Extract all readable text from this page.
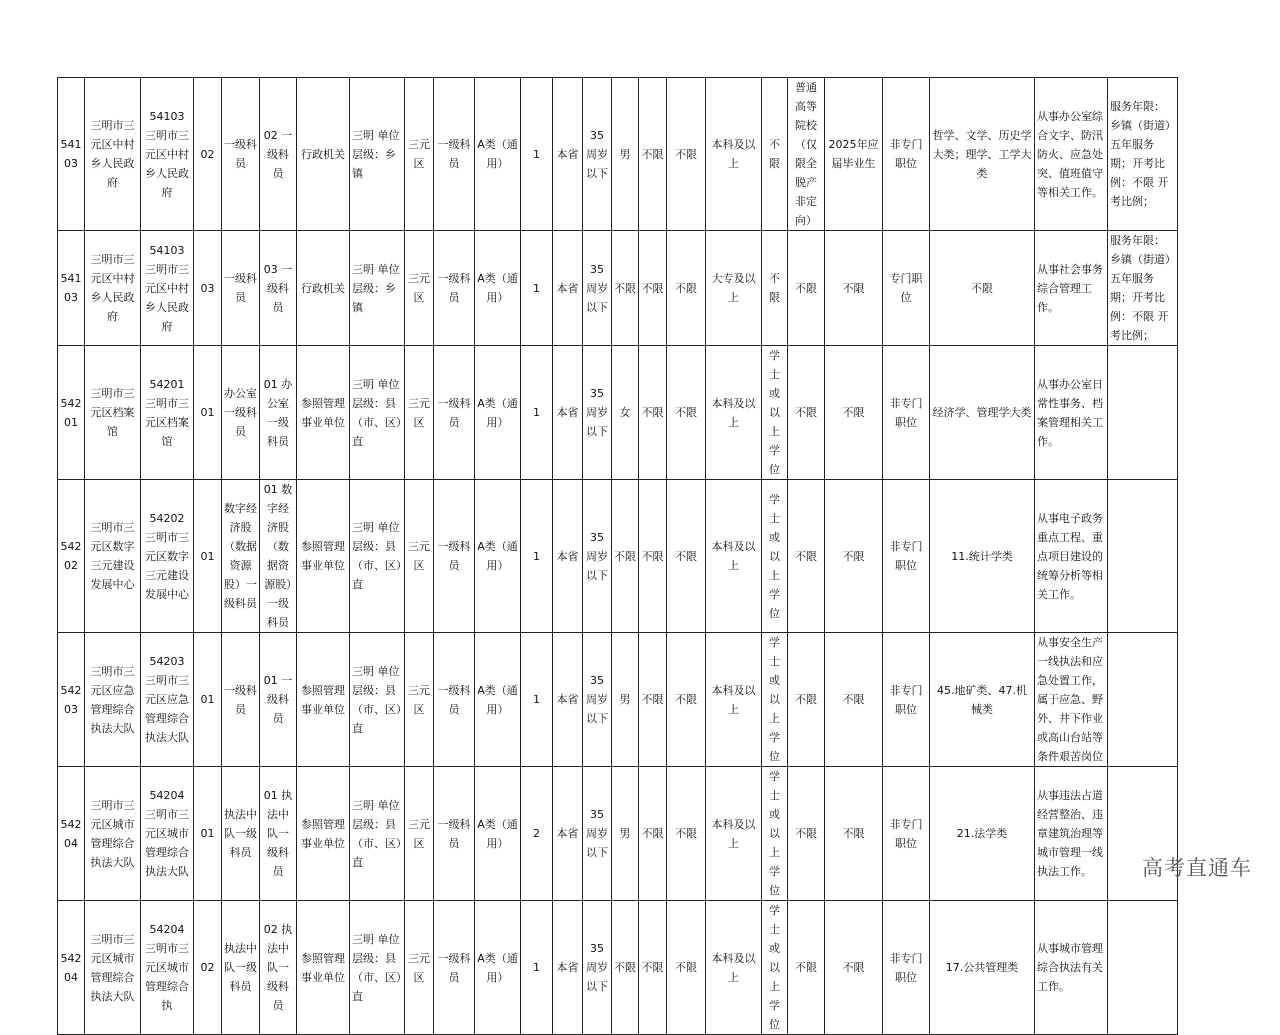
54103	三明市三元区中村乡人民政府	54103 三明市三元区中村乡人民政府	02	一级科员	02 一级科员	行政机关	三明 单位层级：乡镇	三元区	一级科员	A类（通用）	1	本省	35周岁以下	男	不限	不限	本科及以上	不限	普通高等院校（仅限全脱产非定向）	2025年应届毕业生	非专门职位	哲学、文学、历史学大类；理学、工学大类	从事办公室综合文字、防汛防火、应急处突、值班值守等相关工作。	服务年限：乡镇（街道）五年服务期；开考比例：不限 开考比例；
54103	三明市三元区中村乡人民政府	54103 三明市三元区中村乡人民政府	03	一级科员	03 一级科员	行政机关	三明 单位层级：乡镇	三元区	一级科员	A类（通用）	1	本省	35周岁以下	不限	不限	不限	大专及以上	不限	不限	不限	专门职位	不限	从事社会事务综合管理工作。	服务年限：乡镇（街道）五年服务期；开考比例：不限 开考比例；
54201	三明市三元区档案馆	54201 三明市三元区档案馆	01	办公室一级科员	01 办公室一级科员	参照管理事业单位	三明 单位层级：县（市、区）直	三元区	一级科员	A类（通用）	1	本省	35周岁以下	女	不限	不限	本科及以上	学士或以上学位	不限	不限	非专门职位	经济学、管理学大类	从事办公室日常性事务、档案管理相关工作。	
54202	三明市三元区数字三元建设发展中心	54202 三明市三元区数字三元建设发展中心	01	数字经济股（数据资源股）一级科员	01 数字经济股（数据资源股）一级科员	参照管理事业单位	三明 单位层级：县（市、区）直	三元区	一级科员	A类（通用）	1	本省	35周岁以下	不限	不限	不限	本科及以上	学士或以上学位	不限	不限	非专门职位	11.统计学类	从事电子政务重点工程、重点项目建设的统筹分析等相关工作。	
54203	三明市三元区应急管理综合执法大队	54203 三明市三元区应急管理综合执法大队	01	一级科员	01 一级科员	参照管理事业单位	三明 单位层级：县（市、区）直	三元区	一级科员	A类（通用）	1	本省	35周岁以下	男	不限	不限	本科及以上	学士或以上学位	不限	不限	非专门职位	45.地矿类、47.机械类	从事安全生产一线执法和应急处置工作，属于应急、野外、井下作业或高山台站等条件艰苦岗位	
54204	三明市三元区城市管理综合执法大队	54204 三明市三元区城市管理综合执法大队	01	执法中队一级科员	01 执法中队一级科员	参照管理事业单位	三明 单位层级：县（市、区）直	三元区	一级科员	A类（通用）	2	本省	35周岁以下	男	不限	不限	本科及以上	学士或以上学位	不限	不限	非专门职位	21.法学类	从事违法占道经营整治、违章建筑治理等城市管理一线执法工作。	
54204	三明市三元区城市管理综合执法大队	54204 三明市三元区城市管理综合执	02	执法中队一级科员	02 执法中队一级科员	参照管理事业单位	三明 单位层级：县（市、区）直	三元区	一级科员	A类（通用）	1	本省	35周岁以下	不限	不限	不限	本科及以上	学士或以上学位	不限	不限	非专门职位	17.公共管理类	从事城市管理综合执法有关工作。	
高考直通车
